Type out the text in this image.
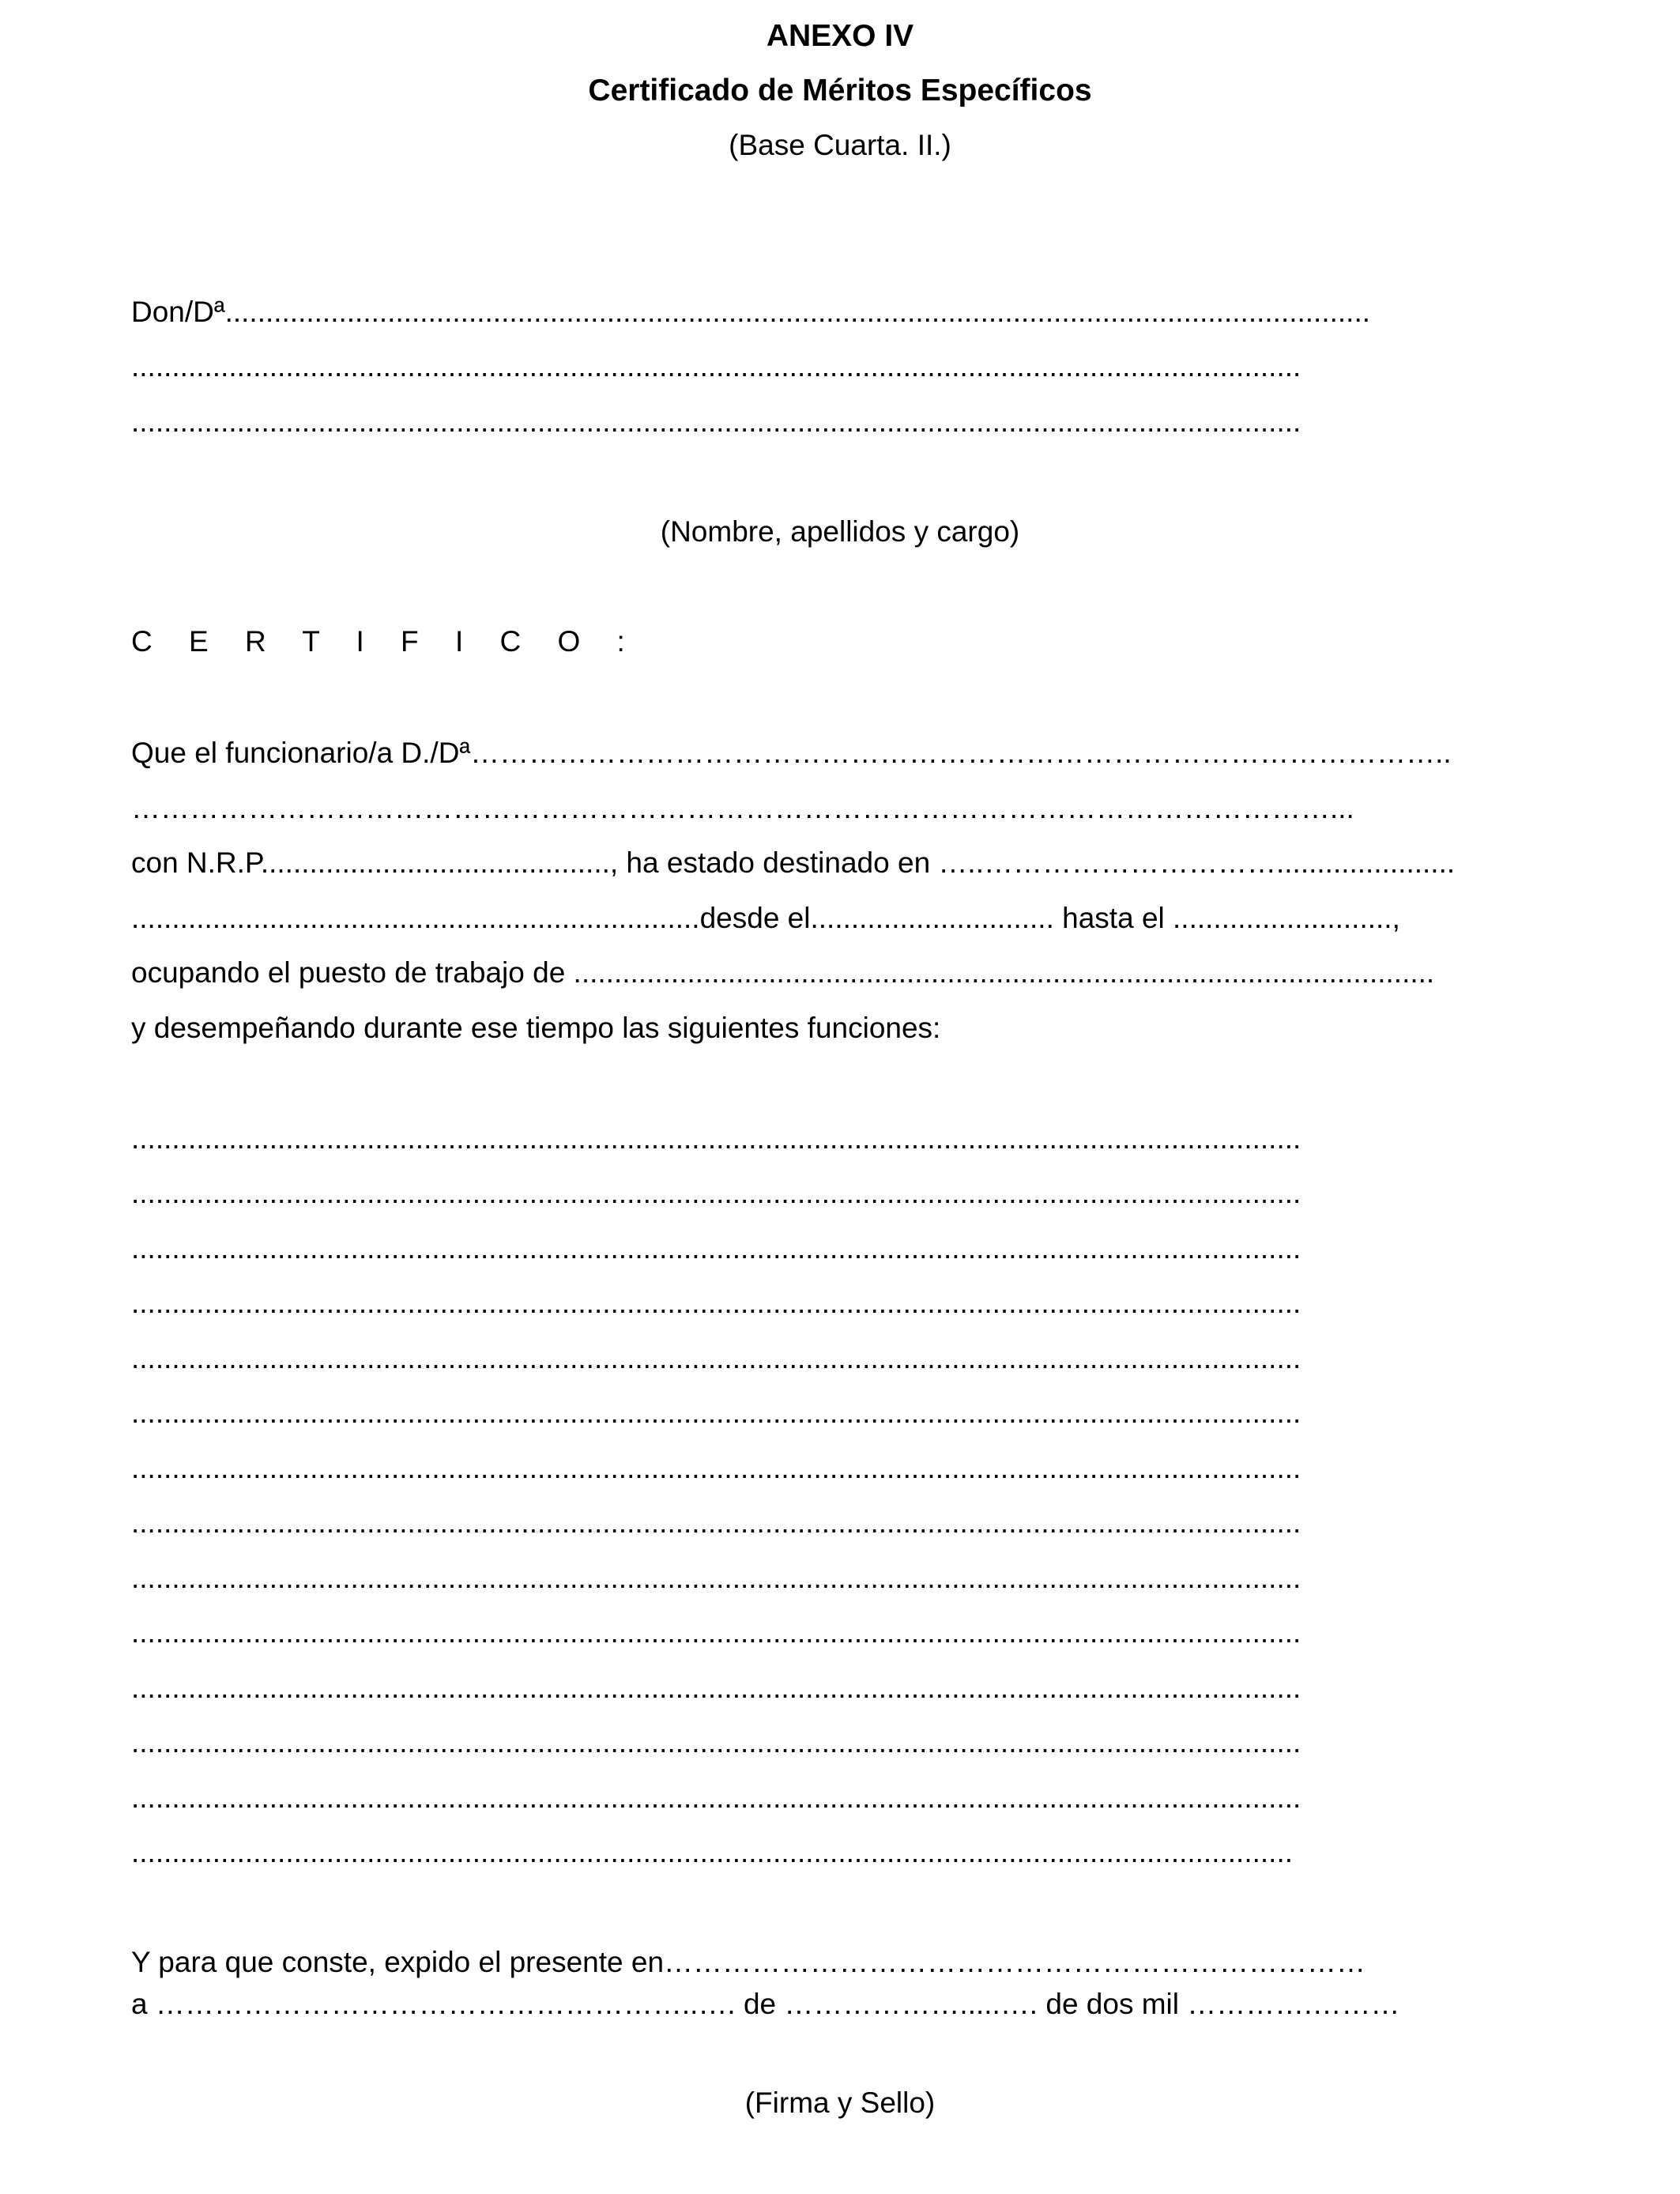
ANEXO IV
Certificado de Méritos Específicos
(Base Cuarta. II.)
Don/Dª.............................................................................................................................................
................................................................................................................................................
................................................................................................................................................
(Nombre, apellidos y cargo)
C E R T I F I C O :
Que el funcionario/a D./Dª………………………………………………………………………………………..
……………………………………………………………………………………………………………...
con N.R.P..........................................., ha estado destinado en …..…………………………......................
......................................................................desde el.............................. hasta el ...........................,
ocupando el puesto de trabajo de ..........................................................................................................
y desempeñando durante ese tiempo las siguientes funciones:
................................................................................................................................................
................................................................................................................................................
................................................................................................................................................
................................................................................................................................................
................................................................................................................................................
................................................................................................................................................
................................................................................................................................................
................................................................................................................................................
................................................................................................................................................
................................................................................................................................................
................................................................................................................................................
................................................................................................................................................
................................................................................................................................................
...............................................................................................................................................
Y para que conste, expido el presente en………………………………………………………………
a ………………………………………………..…. de ……………….....…. de dos mil ………….………
(Firma y Sello)
